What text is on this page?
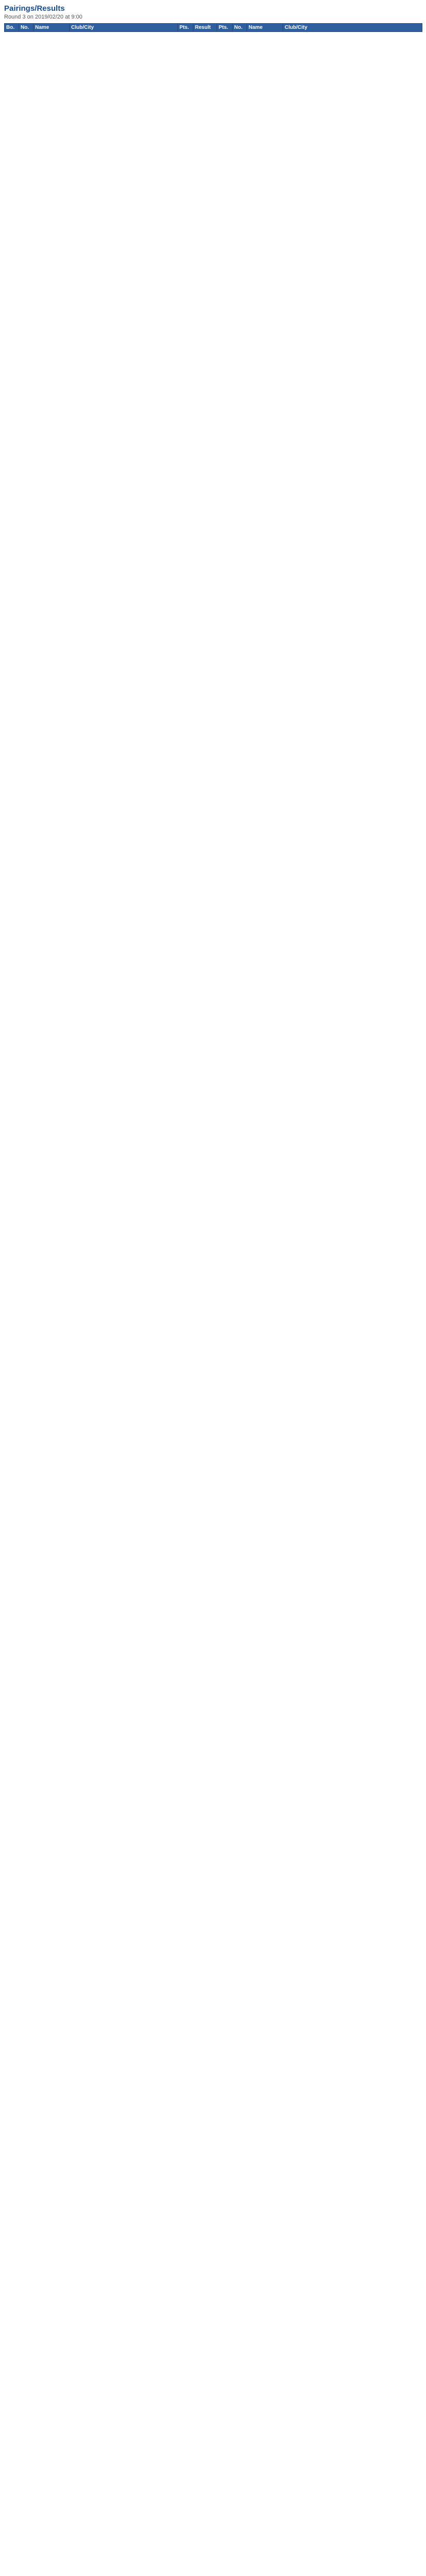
Pairings/Results
Round 3 on 2019/02/20 at 9:00
Bo.	No.	Name	Club/City	Pts.	Result	Pts.	No.	Name	Club/City
